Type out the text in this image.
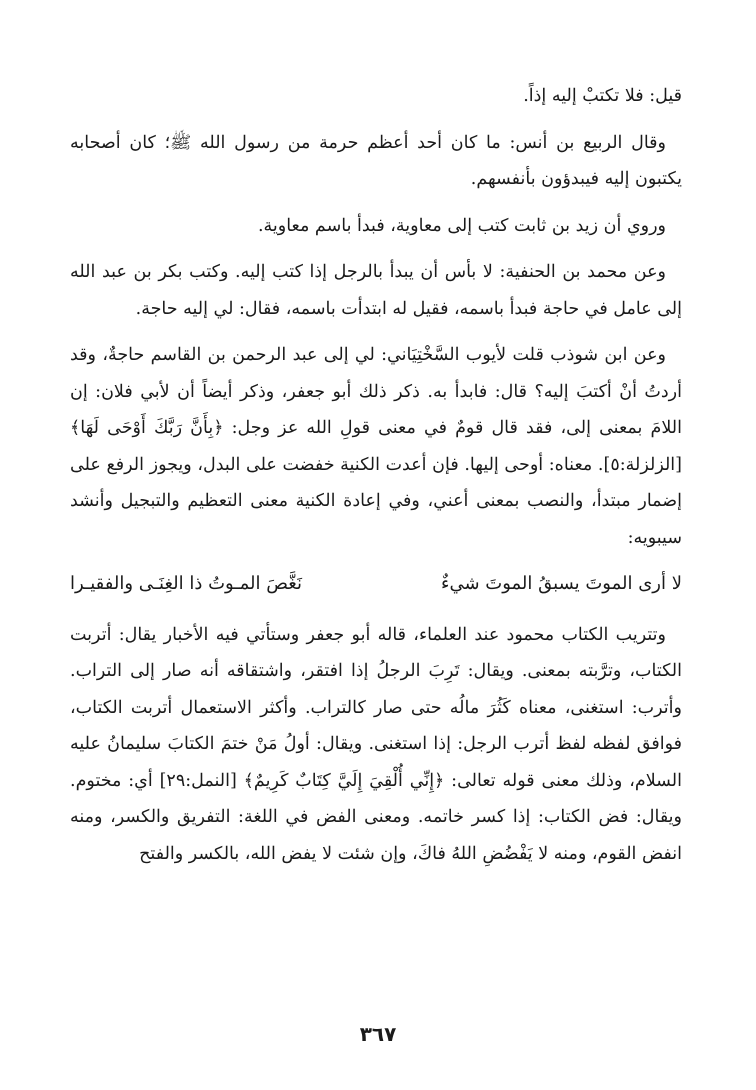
قيل: فلا تكتبْ إليه إذاً.

وقال الربيع بن أنس: ما كان أحد أعظم حرمة من رسول الله ﷺ؛ كان أصحابه يكتبون إليه فيبدؤون بأنفسهم.

وروي أن زيد بن ثابت كتب إلى معاوية، فبدأ باسم معاوية.

وعن محمد بن الحنفية: لا بأس أن يبدأ بالرجل إذا كتب إليه. وكتب بكر بن عبد الله إلى عامل في حاجة فبدأ باسمه، فقيل له ابتدأت باسمه، فقال: لي إليه حاجة.

وعن ابن شوذب قلت لأيوب السَّخْتِيَاني: لي إلى عبد الرحمن بن القاسم حاجةٌ، وقد أردتُ أنْ أكتبَ إليه؟ قال: فابدأ به. ذكر ذلك أبو جعفر، وذكر أيضاً أن لأبي فلان: إن اللامَ بمعنى إلى، فقد قال قومٌ في معنى قولِ الله عز وجل: ﴿بِأَنَّ رَبَّكَ أَوْحَى لَهَا﴾ [الزلزلة:٥]. معناه: أوحى إليها. فإن أعدت الكنية خفضت على البدل، ويجوز الرفع على إضمار مبتدأ، والنصب بمعنى أعني، وفي إعادة الكنية معنى التعظيم والتبجيل وأنشد سيبويه:

لا أرى الموتَ يسبقُ الموتَ شيءٌ
نَغَّصَ المـوتُ ذا الغِنَـى والفقيـرا

وتتريب الكتاب محمود عند العلماء، قاله أبو جعفر وستأتي فيه الأخبار يقال: أتربت الكتاب، وترَّبته بمعنى. ويقال: تَرِبَ الرجلُ إذا افتقر، واشتقاقه أنه صار إلى التراب. وأترب: استغنى، معناه كَثُرَ مالُه حتى صار كالتراب. وأكثر الاستعمال أتربت الكتاب، فوافق لفظه لفظ أترب الرجل: إذا استغنى. ويقال: أولُ مَنْ ختمَ الكتابَ سليمانُ عليه السلام، وذلك معنى قوله تعالى: ﴿إِنِّي أُلْقِيَ إِلَيَّ كِتَابٌ كَرِيمٌ﴾ [النمل:٢٩] أي: مختوم. ويقال: فض الكتاب: إذا كسر خاتمه. ومعنى الفض في اللغة: التفريق والكسر، ومنه انفض القوم، ومنه لا يَفْضُضِ اللهُ فاكَ، وإن شئت لا يفض الله، بالكسر والفتح

٣٦٧
